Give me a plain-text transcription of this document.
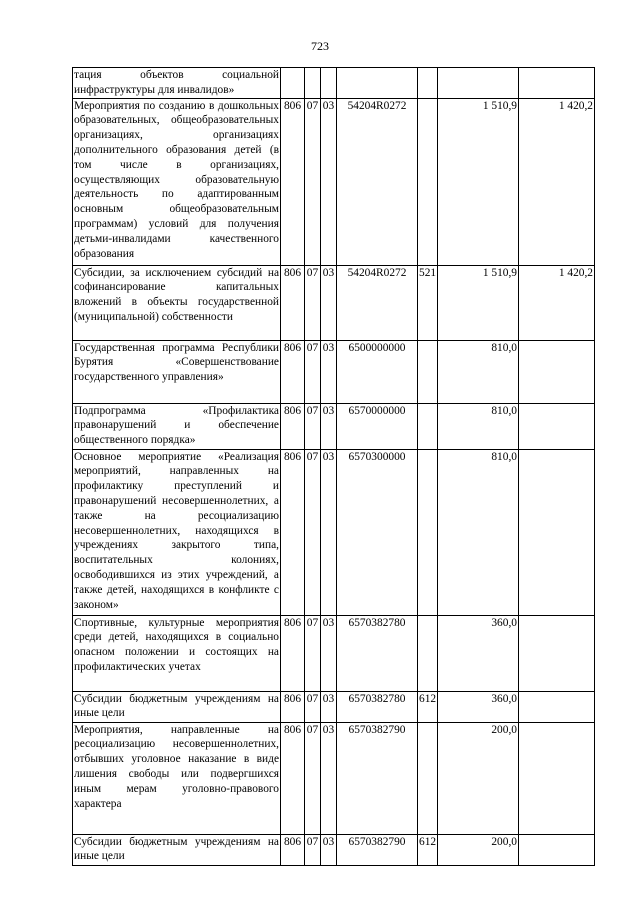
723
тация объектов социальной инфраструктуры для инвалидов»							
Мероприятия по созданию в дошкольных образовательных, общеобразовательных организациях, организациях дополнительного образования детей (в том числе в организациях, осуществляющих образовательную деятельность по адаптированным основным общеобразовательным программам) условий для получения детьми-инвалидами качественного образования	806	07	03	54204R0272		1 510,9	1 420,2
Субсидии, за исключением субсидий на софинансирование капитальных вложений в объекты государственной (муниципальной) собственности	806	07	03	54204R0272	521	1 510,9	1 420,2
Государственная программа Республики Бурятия «Совершенствование государственного управления»	806	07	03	6500000000		810,0	
Подпрограмма «Профилактика правонарушений и обеспечение общественного порядка»	806	07	03	6570000000		810,0	
Основное мероприятие «Реализация мероприятий, направленных на профилактику преступлений и правонарушений несовершеннолетних, а также на ресоциализацию несовершеннолетних, находящихся в учреждениях закрытого типа, воспитательных колониях, освободившихся из этих учреждений, а также детей, находящихся в конфликте с законом»	806	07	03	6570300000		810,0	
Спортивные, культурные мероприятия среди детей, находящихся в социально опасном положении и состоящих на профилактических учетах	806	07	03	6570382780		360,0	
Субсидии бюджетным учреждениям на иные цели	806	07	03	6570382780	612	360,0	
Мероприятия, направленные на ресоциализацию несовершеннолетних, отбывших уголовное наказание в виде лишения свободы или подвергшихся иным мерам уголовно-правового характера	806	07	03	6570382790		200,0	
Субсидии бюджетным учреждениям на иные цели	806	07	03	6570382790	612	200,0	
